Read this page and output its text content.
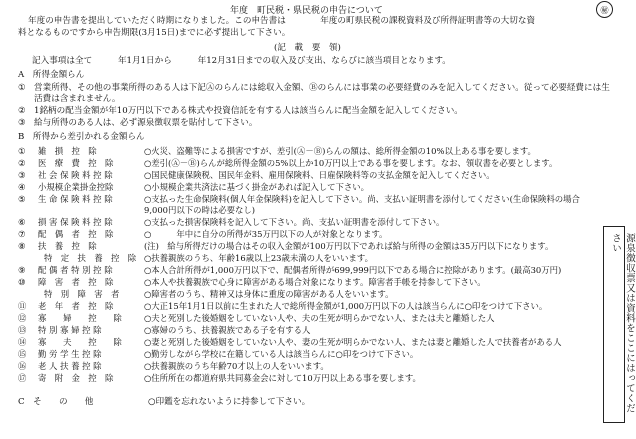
年度　町民税・県民税の申告について	㊙
年度の申告書を提出していただく時期になりました。この申告書は　　　　年度の町県民税の課税資料及び所得証明書等の大切な資
料となるものですから申告期限(3月15日)までに必ず提出して下さい。
(記　載　要　領)
記入事項は全て　　　年1月1日から　　　年12月31日までの収入及び支出、ならびに該当項目となります。
A　所得金額らん
① 営業所得、その他の事業所得のある人は下記Ⓐのらんには総収入金額、Ⓑのらんには事業の必要経費のみを記入してください。従って必要経費には生
活費は含まれません。
② 1銘柄の配当金額が年10万円以下である株式や投資信託を有する人は該当らんに配当金額を記入してください。
③ 給与所得のある人は、必ず源泉徴収票を貼付して下さい。
B　所得から差引かれる金額らん
① 雑　損　控　除	○火災、盗難等による損害ですが、差引(Ⓐ－Ⓑ)らんの額は、総所得金額の10%以上ある事を要します。
② 医　療　費　控　除	○差引(Ⓐ－Ⓑ)らんが総所得金額の5%以上か10万円以上である事を要します。なお、領収書を必要とします。
③ 社 会 保 険 料 控 除	○国民健康保険税、国民年金料、雇用保険料、日雇保険料等の支払金額を記入してください。
④ 小規模企業掛金控除	○小規模企業共済法に基づく掛金があれば記入して下さい。
⑤ 生 命 保 険 料 控 除	○支払った生命保険料(個人年金保険料)を記入して下さい。尚、支払い証明書を添付してください(生命保険料の場合
9,000円以下の時は必要なし)
⑥ 損 害 保 険 料 控 除	○支払った損害保険料を記入して下さい。尚、支払い証明書を添付して下さい。
⑦ 配　偶　者　控　除	○　　　年中に自分の所得が35万円以下の人が対象となります。
⑧ 扶　養　控　除	(注)　給与所得だけの場合はその収入金額が100万円以下であれば給与所得の金額は35万円以下になります。
特　定　扶　養　控　除 ○扶養親族のうち、年齢16歳以上23歳未満の人をいいます。
⑨ 配 偶 者 特 別 控 除	○本人合計所得が1,000万円以下で、配偶者所得が699,999円以下である場合に控除があります。(最高30万円)
⑩ 障　害　者　控　除	○本人や扶養親族で心身に障害がある場合対象になります。障害者手帳を持参して下さい。
特　別　障　害　者	○障害者のうち、精神又は身体に重度の障害がある人をいいます。
⑪ 老　年　者　控　除	○大正15年1月1日以前に生まれた人で総所得金額が1,000万円以下の人は該当らんに○印をつけて下さい。
⑫ 寡　　婦　　控　　除	○夫と死別した後婚姻をしていない人や、夫の生死が明らかでない人、または夫と離婚した人
⑬ 特 別 寡 婦 控 除	○寡婦のうち、扶養親族である子を有する人
⑭ 寡　　夫　　控　　除	○妻と死別した後婚姻をしていない人や、妻の生死が明らかでない人、または妻と離婚した人で扶養者がある人
⑮ 勤 労 学 生 控 除	○勤労しながら学校に在籍している人は該当らんに○印をつけて下さい。
⑯ 老 人 扶 養 控 除	○扶養親族のうち年齢70才以上の人をいいます。
⑰ 寄　附　金　控　除	○住所所在の都道府県共同募金会に対して10万円以上ある事を要します。
C　そ　　の　　他	○印鑑を忘れないように持参して下さい。	源泉徴収票又は資料をここにはってください
